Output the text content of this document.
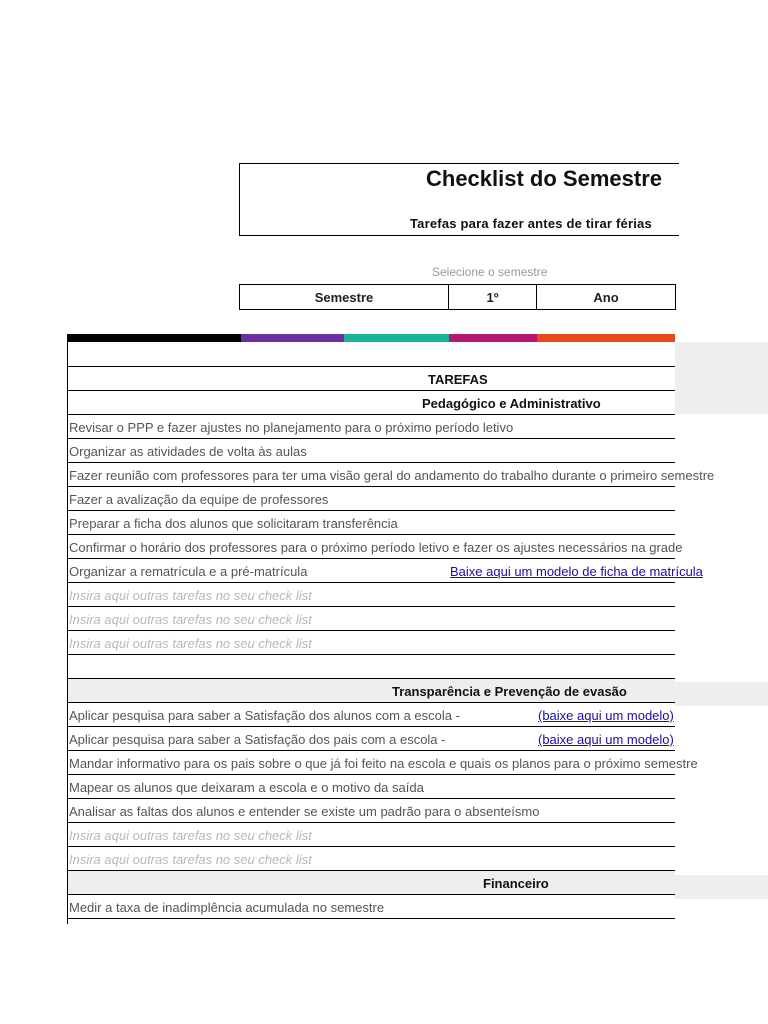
Checklist do Semestre
Tarefas para fazer antes de tirar férias
Selecione o semestre
Semestre	1º	Ano
TAREFAS
Pedagógico e Administrativo
Revisar o PPP e fazer ajustes no planejamento para o próximo período letivo
Organizar as atividades de volta às aulas
Fazer reunião com professores para ter uma visão geral do andamento do trabalho durante o primeiro semestre
Fazer a avalização da equipe de professores
Preparar a ficha dos alunos que solicitaram transferência
Confirmar o horário dos professores para o próximo período letivo e fazer os ajustes necessários na grade
Organizar a rematrícula e a pré-matrícula	Baixe aqui um modelo de ficha de matrícula
Insira aqui outras tarefas no seu check list
Insira aqui outras tarefas no seu check list
Insira aqui outras tarefas no seu check list
Transparência e Prevenção de evasão
Aplicar pesquisa para saber a Satisfação dos alunos com a escola -	(baixe aqui um modelo)
Aplicar pesquisa para saber a Satisfação dos pais com a escola -	(baixe aqui um modelo)
Mandar informativo para os pais sobre o que já foi feito na escola e quais os planos para o próximo semestre
Mapear os alunos que deixaram a escola e o motivo da saída
Analisar as faltas dos alunos e entender se existe um padrão para o absenteísmo
Insira aqui outras tarefas no seu check list
Insira aqui outras tarefas no seu check list
Financeiro
Medir a taxa de inadimplência acumulada no semestre
